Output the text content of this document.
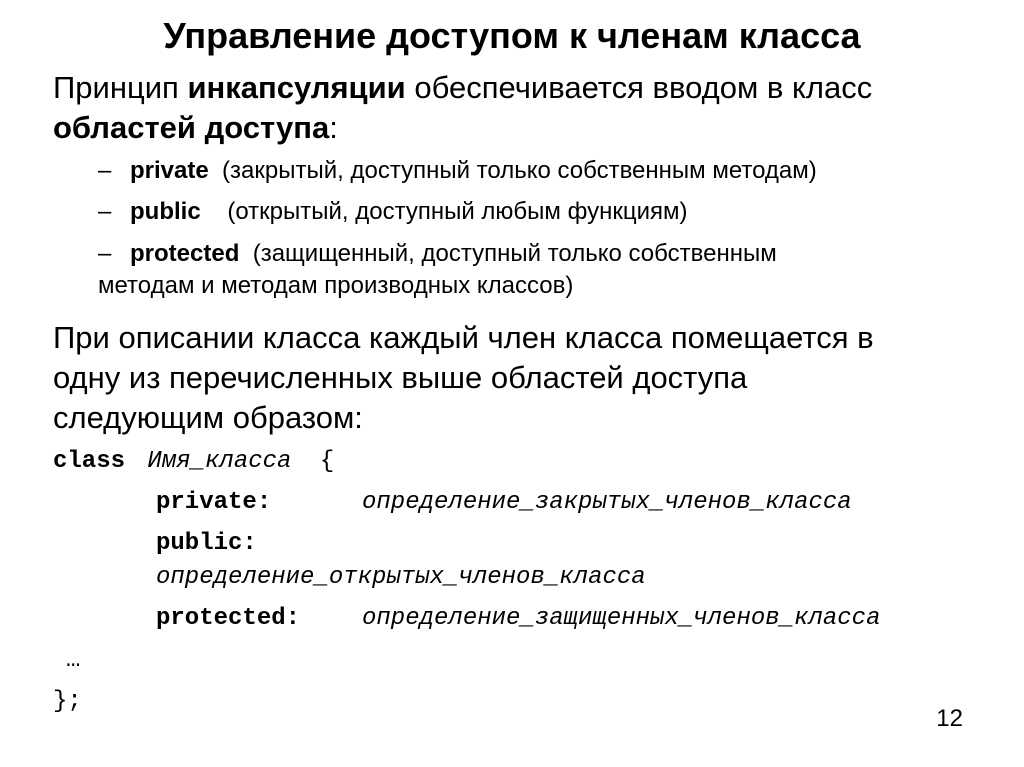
Управление доступом к членам класса
Принцип инкапсуляции обеспечивается вводом в класс
областей доступа:
– private  (закрытый, доступный только собственным методам)
– public    (открытый, доступный любым функциям)
– protected  (защищенный, доступный только собственным
методам и методам производных классов)
При описании класса каждый член класса помещается в
одну из перечисленных выше областей доступа
следующим образом:
class Имя_класса {
private:	определение_закрытых_членов_класса
public:
определение_открытых_членов_класса
protected:	определение_защищенных_членов_класса
…
};
12
